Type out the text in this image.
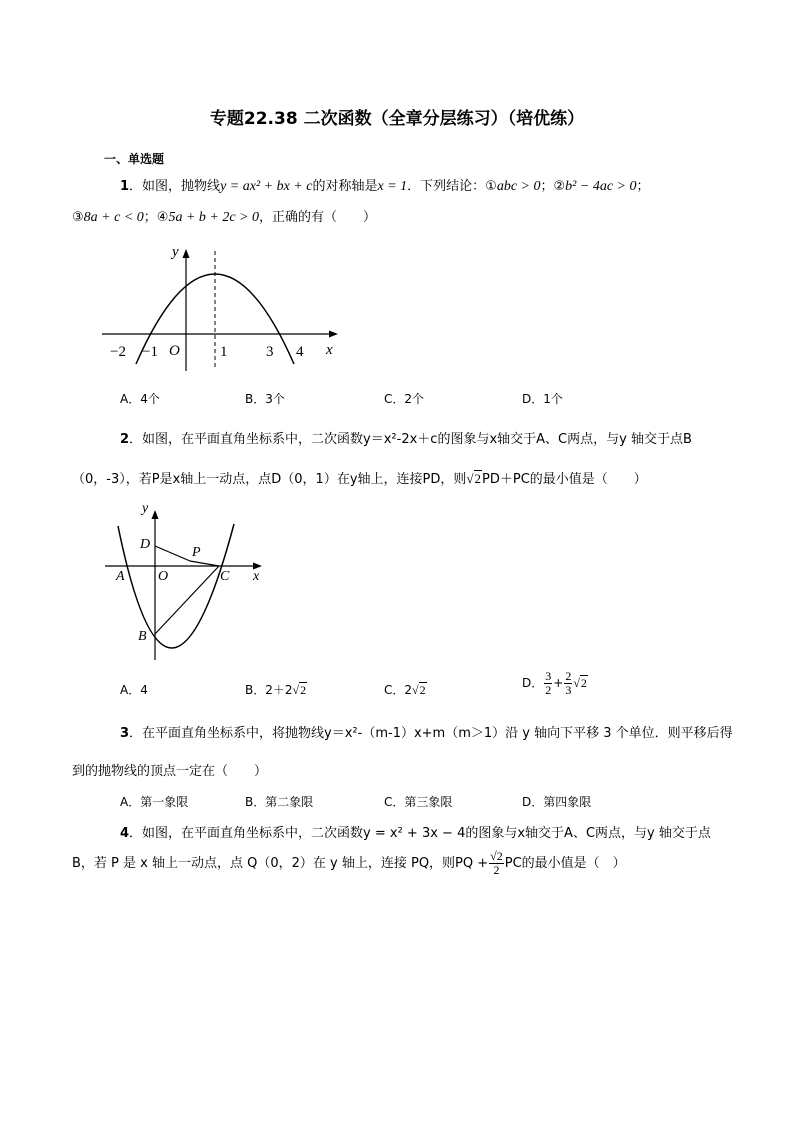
专题22.38 二次函数（全章分层练习）（培优练）
一、单选题
1．如图，抛物线y = ax² + bx + c的对称轴是x = 1．下列结论：①abc > 0；②b² − 4ac > 0；
③8a + c < 0；④5a + b + 2c > 0，正确的有（　　）
y
x
O
−2 −1	1	3 4
A．4个	B．3个	C．2个	D．1个
2．如图，在平面直角坐标系中，二次函数y＝x²-2x＋c的图象与x轴交于A、C两点，与y 轴交于点B
（0，-3），若P是x轴上一动点，点D（0，1）在y轴上，连接PD，则√2PD＋PC的最小值是（　　）
y
D
P
A O	C x
B
A．4	B．2＋2√2	C．2√2	D． $\frac{3}{2} + \frac{2}{3} √2$
3．在平面直角坐标系中，将抛物线y＝x²-（m-1）x+m（m＞1）沿 y 轴向下平移 3 个单位．则平移后得
到的抛物线的顶点一定在（　　）
A．第一象限	B．第二象限	C．第三象限	D．第四象限
4．如图，在平面直角坐标系中，二次函数y = x² + 3x − 4的图象与x轴交于A、C两点，与y 轴交于点
B，若 P 是 x 轴上一动点，点 Q（0，2）在 y 轴上，连接 PQ，则PQ + $\frac{√2}{2}$ PC的最小值是（　）
